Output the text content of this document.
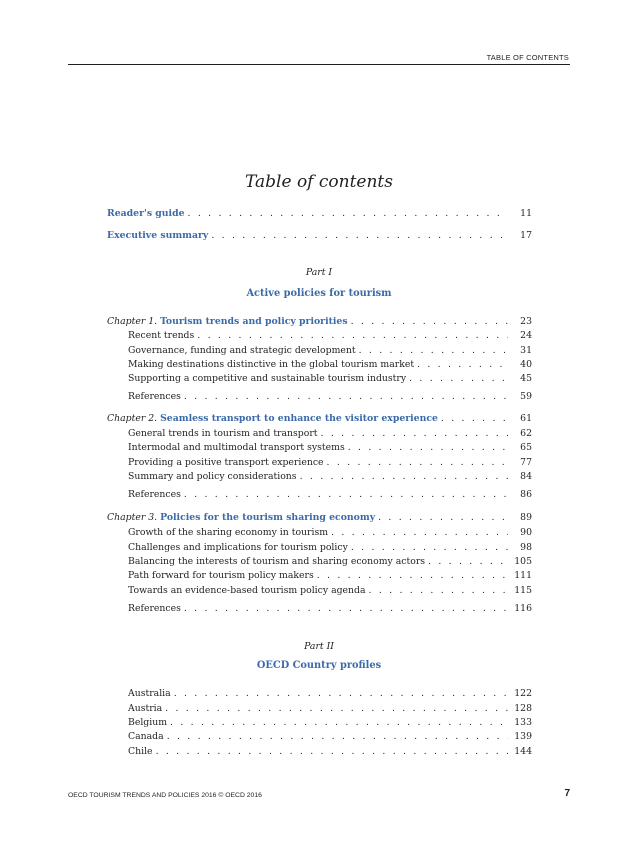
TABLE OF CONTENTS
Table of contents
Reader's guide . . .	11
Executive summary . . .	17
Part I
Active policies for tourism
Chapter 1. Tourism trends and policy priorities . . .	23
Recent trends . . .	24
Governance, funding and strategic development . . .	31
Making destinations distinctive in the global tourism market . . .	40
Supporting a competitive and sustainable tourism industry . . .	45
References . . .	59
Chapter 2. Seamless transport to enhance the visitor experience . . .	61
General trends in tourism and transport . . .	62
Intermodal and multimodal transport systems . . .	65
Providing a positive transport experience . . .	77
Summary and policy considerations . . .	84
References . . .	86
Chapter 3. Policies for the tourism sharing economy . . .	89
Growth of the sharing economy in tourism . . .	90
Challenges and implications for tourism policy . . .	98
Balancing the interests of tourism and sharing economy actors . . .	105
Path forward for tourism policy makers . . .	111
Towards an evidence-based tourism policy agenda . . .	115
References . . .	116
Part II
OECD Country profiles
Australia . . .	122
Austria . . .	128
Belgium . . .	133
Canada . . .	139
Chile . . .	144
OECD TOURISM TRENDS AND POLICIES 2016 © OECD 2016	7
